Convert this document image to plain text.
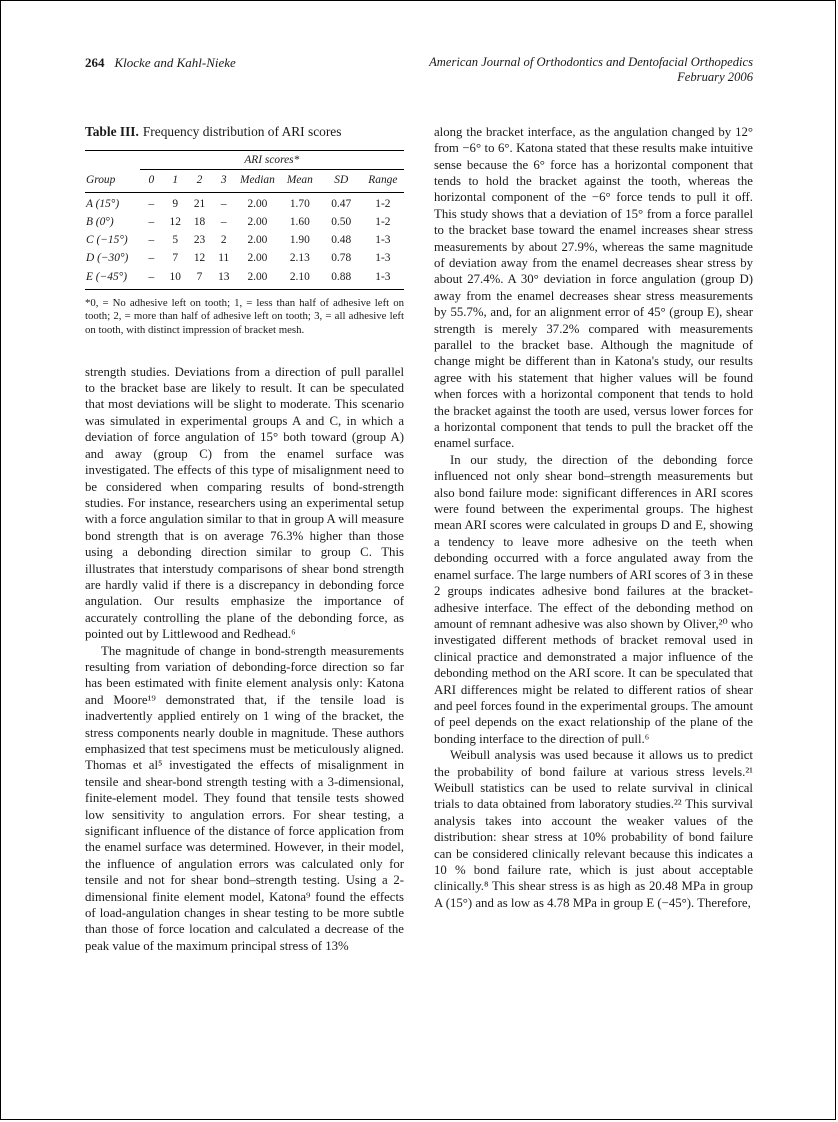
264 Klocke and Kahl-Nieke	American Journal of Orthodontics and Dentofacial Orthopedics
February 2006
Table III. Frequency distribution of ARI scores
	ARI scores*							
Group	0	1	2	3	Median	Mean	SD	Range
A (15°)	–	9	21	–	2.00	1.70	0.47	1-2
B (0°)	–	12	18	–	2.00	1.60	0.50	1-2
C (−15°)	–	5	23	2	2.00	1.90	0.48	1-3
D (−30°)	–	7	12	11	2.00	2.13	0.78	1-3
E (−45°)	–	10	7	13	2.00	2.10	0.88	1-3

*0, = No adhesive left on tooth; 1, = less than half of adhesive left on tooth; 2, = more than half of adhesive left on tooth; 3, = all adhesive left on tooth, with distinct impression of bracket mesh.

strength studies. Deviations from a direction of pull parallel to the bracket base are likely to result. It can be speculated that most deviations will be slight to moderate. This scenario was simulated in experimental groups A and C, in which a deviation of force angulation of 15° both toward (group A) and away (group C) from the enamel surface was investigated. The effects of this type of misalignment need to be considered when comparing results of bond-strength studies. For instance, researchers using an experimental setup with a force angulation similar to that in group A will measure bond strength that is on average 76.3% higher than those using a debonding direction similar to group C. This illustrates that interstudy comparisons of shear bond strength are hardly valid if there is a discrepancy in debonding force angulation. Our results emphasize the importance of accurately controlling the plane of the debonding force, as pointed out by Littlewood and Redhead.⁶

The magnitude of change in bond-strength measurements resulting from variation of debonding-force direction so far has been estimated with finite element analysis only: Katona and Moore¹⁹ demonstrated that, if the tensile load is inadvertently applied entirely on 1 wing of the bracket, the stress components nearly double in magnitude. These authors emphasized that test specimens must be meticulously aligned. Thomas et al⁵ investigated the effects of misalignment in tensile and shear-bond strength testing with a 3-dimensional, finite-element model. They found that tensile tests showed low sensitivity to angulation errors. For shear testing, a significant influence of the distance of force application from the enamel surface was determined. However, in their model, the influence of angulation errors was calculated only for tensile and not for shear bond–strength testing. Using a 2-dimensional finite element model, Katona⁹ found the effects of load-angulation changes in shear testing to be more subtle than those of force location and calculated a decrease of the peak value of the maximum principal stress of 13%

along the bracket interface, as the angulation changed by 12° from −6° to 6°. Katona stated that these results make intuitive sense because the 6° force has a horizontal component that tends to hold the bracket against the tooth, whereas the horizontal component of the −6° force tends to pull it off. This study shows that a deviation of 15° from a force parallel to the bracket base toward the enamel increases shear stress measurements by about 27.9%, whereas the same magnitude of deviation away from the enamel decreases shear stress by about 27.4%. A 30° deviation in force angulation (group D) away from the enamel decreases shear stress measurements by 55.7%, and, for an alignment error of 45° (group E), shear strength is merely 37.2% compared with measurements parallel to the bracket base. Although the magnitude of change might be different than in Katona's study, our results agree with his statement that higher values will be found when forces with a horizontal component that tends to hold the bracket against the tooth are used, versus lower forces for a horizontal component that tends to pull the bracket off the enamel surface.

In our study, the direction of the debonding force influenced not only shear bond–strength measurements but also bond failure mode: significant differences in ARI scores were found between the experimental groups. The highest mean ARI scores were calculated in groups D and E, showing a tendency to leave more adhesive on the teeth when debonding occurred with a force angulated away from the enamel surface. The large numbers of ARI scores of 3 in these 2 groups indicates adhesive bond failures at the bracket-adhesive interface. The effect of the debonding method on amount of remnant adhesive was also shown by Oliver,²⁰ who investigated different methods of bracket removal used in clinical practice and demonstrated a major influence of the debonding method on the ARI score. It can be speculated that ARI differences might be related to different ratios of shear and peel forces found in the experimental groups. The amount of peel depends on the exact relationship of the plane of the bonding interface to the direction of pull.⁶

Weibull analysis was used because it allows us to predict the probability of bond failure at various stress levels.²¹ Weibull statistics can be used to relate survival in clinical trials to data obtained from laboratory studies.²² This survival analysis takes into account the weaker values of the distribution: shear stress at 10% probability of bond failure can be considered clinically relevant because this indicates a 10 % bond failure rate, which is just about acceptable clinically.⁸ This shear stress is as high as 20.48 MPa in group A (15°) and as low as 4.78 MPa in group E (−45°). Therefore,
